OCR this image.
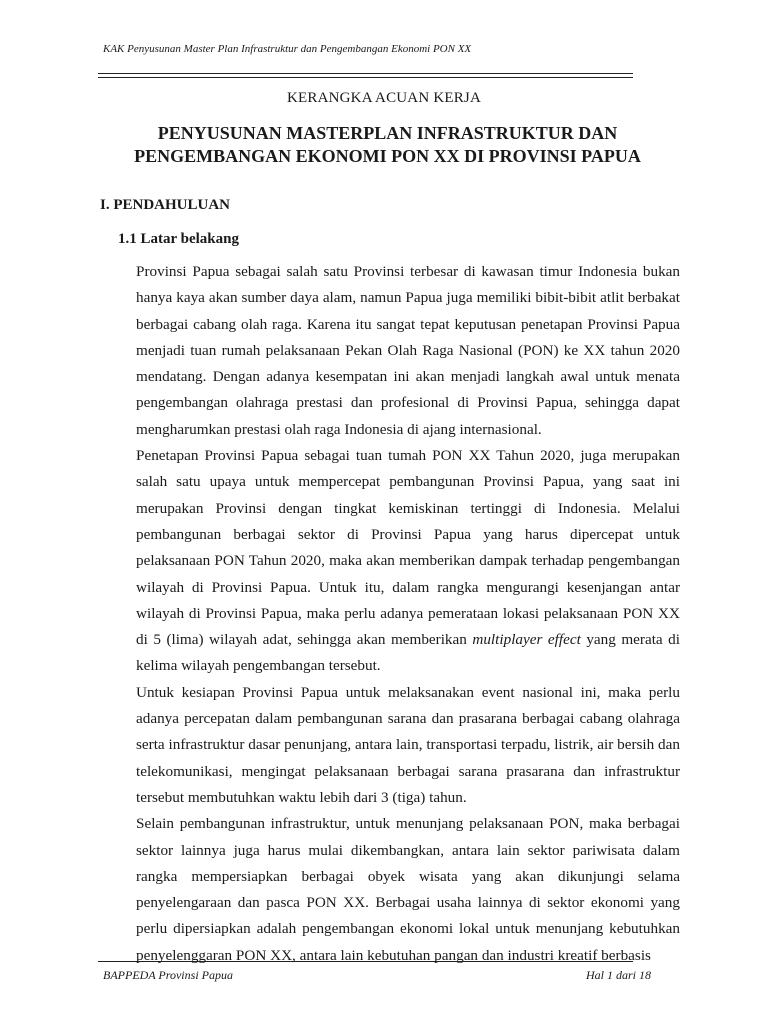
KAK Penyusunan Master Plan Infrastruktur dan Pengembangan Ekonomi PON XX
KERANGKA ACUAN KERJA
PENYUSUNAN MASTERPLAN INFRASTRUKTUR DAN
PENGEMBANGAN EKONOMI PON XX DI PROVINSI PAPUA
I. PENDAHULUAN
1.1 Latar belakang

Provinsi Papua sebagai salah satu Provinsi terbesar di kawasan timur Indonesia bukan hanya kaya akan sumber daya alam, namun Papua juga memiliki bibit-bibit atlit berbakat berbagai cabang olah raga. Karena itu sangat tepat keputusan penetapan Provinsi Papua menjadi tuan rumah pelaksanaan Pekan Olah Raga Nasional (PON) ke XX tahun 2020 mendatang. Dengan adanya kesempatan ini akan menjadi langkah awal untuk menata pengembangan olahraga prestasi dan profesional di Provinsi Papua, sehingga dapat mengharumkan prestasi olah raga Indonesia di ajang internasional.

Penetapan Provinsi Papua sebagai tuan tumah PON XX Tahun 2020, juga merupakan salah satu upaya untuk mempercepat pembangunan Provinsi Papua, yang saat ini merupakan Provinsi dengan tingkat kemiskinan tertinggi di Indonesia. Melalui pembangunan berbagai sektor di Provinsi Papua yang harus dipercepat untuk pelaksanaan PON Tahun 2020, maka akan memberikan dampak terhadap pengembangan wilayah di Provinsi Papua. Untuk itu, dalam rangka mengurangi kesenjangan antar wilayah di Provinsi Papua, maka perlu adanya pemerataan lokasi pelaksanaan PON XX di 5 (lima) wilayah adat, sehingga akan memberikan multiplayer effect yang merata di kelima wilayah pengembangan tersebut.

Untuk kesiapan Provinsi Papua untuk melaksanakan event nasional ini, maka perlu adanya percepatan dalam pembangunan sarana dan prasarana berbagai cabang olahraga serta infrastruktur dasar penunjang, antara lain, transportasi terpadu, listrik, air bersih dan telekomunikasi, mengingat pelaksanaan berbagai sarana prasarana dan infrastruktur tersebut membutuhkan waktu lebih dari 3 (tiga) tahun.

Selain pembangunan infrastruktur, untuk menunjang pelaksanaan PON, maka berbagai sektor lainnya juga harus mulai dikembangkan, antara lain sektor pariwisata dalam rangka mempersiapkan berbagai obyek wisata yang akan dikunjungi selama penyelengaraan dan pasca PON XX. Berbagai usaha lainnya di sektor ekonomi yang perlu dipersiapkan adalah pengembangan ekonomi lokal untuk menunjang kebutuhkan penyelenggaran PON XX, antara lain kebutuhan pangan dan industri kreatif berbasis

BAPPEDA Provinsi Papua	Hal 1 dari 18
